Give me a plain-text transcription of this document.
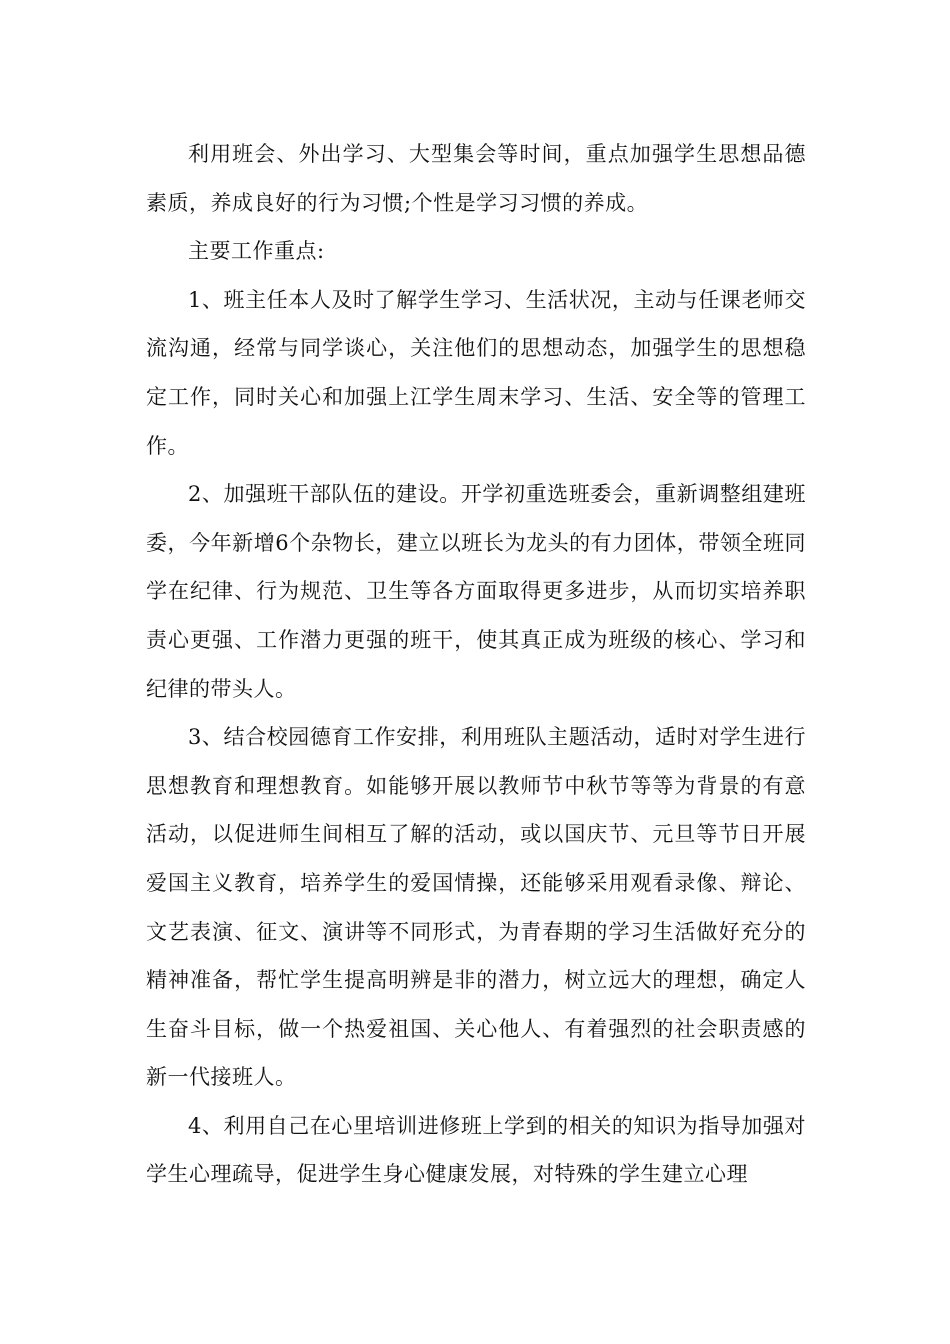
利用班会、外出学习、大型集会等时间，重点加强学生思想品德素质，养成良好的行为习惯;个性是学习习惯的养成。

主要工作重点:

1、班主任本人及时了解学生学习、生活状况，主动与任课老师交流沟通，经常与同学谈心，关注他们的思想动态，加强学生的思想稳定工作，同时关心和加强上江学生周末学习、生活、安全等的管理工作。

2、加强班干部队伍的建设。开学初重选班委会，重新调整组建班委，今年新增6个杂物长，建立以班长为龙头的有力团体，带领全班同学在纪律、行为规范、卫生等各方面取得更多进步，从而切实培养职责心更强、工作潜力更强的班干，使其真正成为班级的核心、学习和纪律的带头人。

3、结合校园德育工作安排，利用班队主题活动，适时对学生进行思想教育和理想教育。如能够开展以教师节中秋节等等为背景的有意活动，以促进师生间相互了解的活动，或以国庆节、元旦等节日开展爱国主义教育，培养学生的爱国情操，还能够采用观看录像、辩论、文艺表演、征文、演讲等不同形式，为青春期的学习生活做好充分的精神准备，帮忙学生提高明辨是非的潜力，树立远大的理想，确定人生奋斗目标，做一个热爱祖国、关心他人、有着强烈的社会职责感的新一代接班人。

4、利用自己在心里培训进修班上学到的相关的知识为指导加强对学生心理疏导，促进学生身心健康发展，对特殊的学生建立心理
